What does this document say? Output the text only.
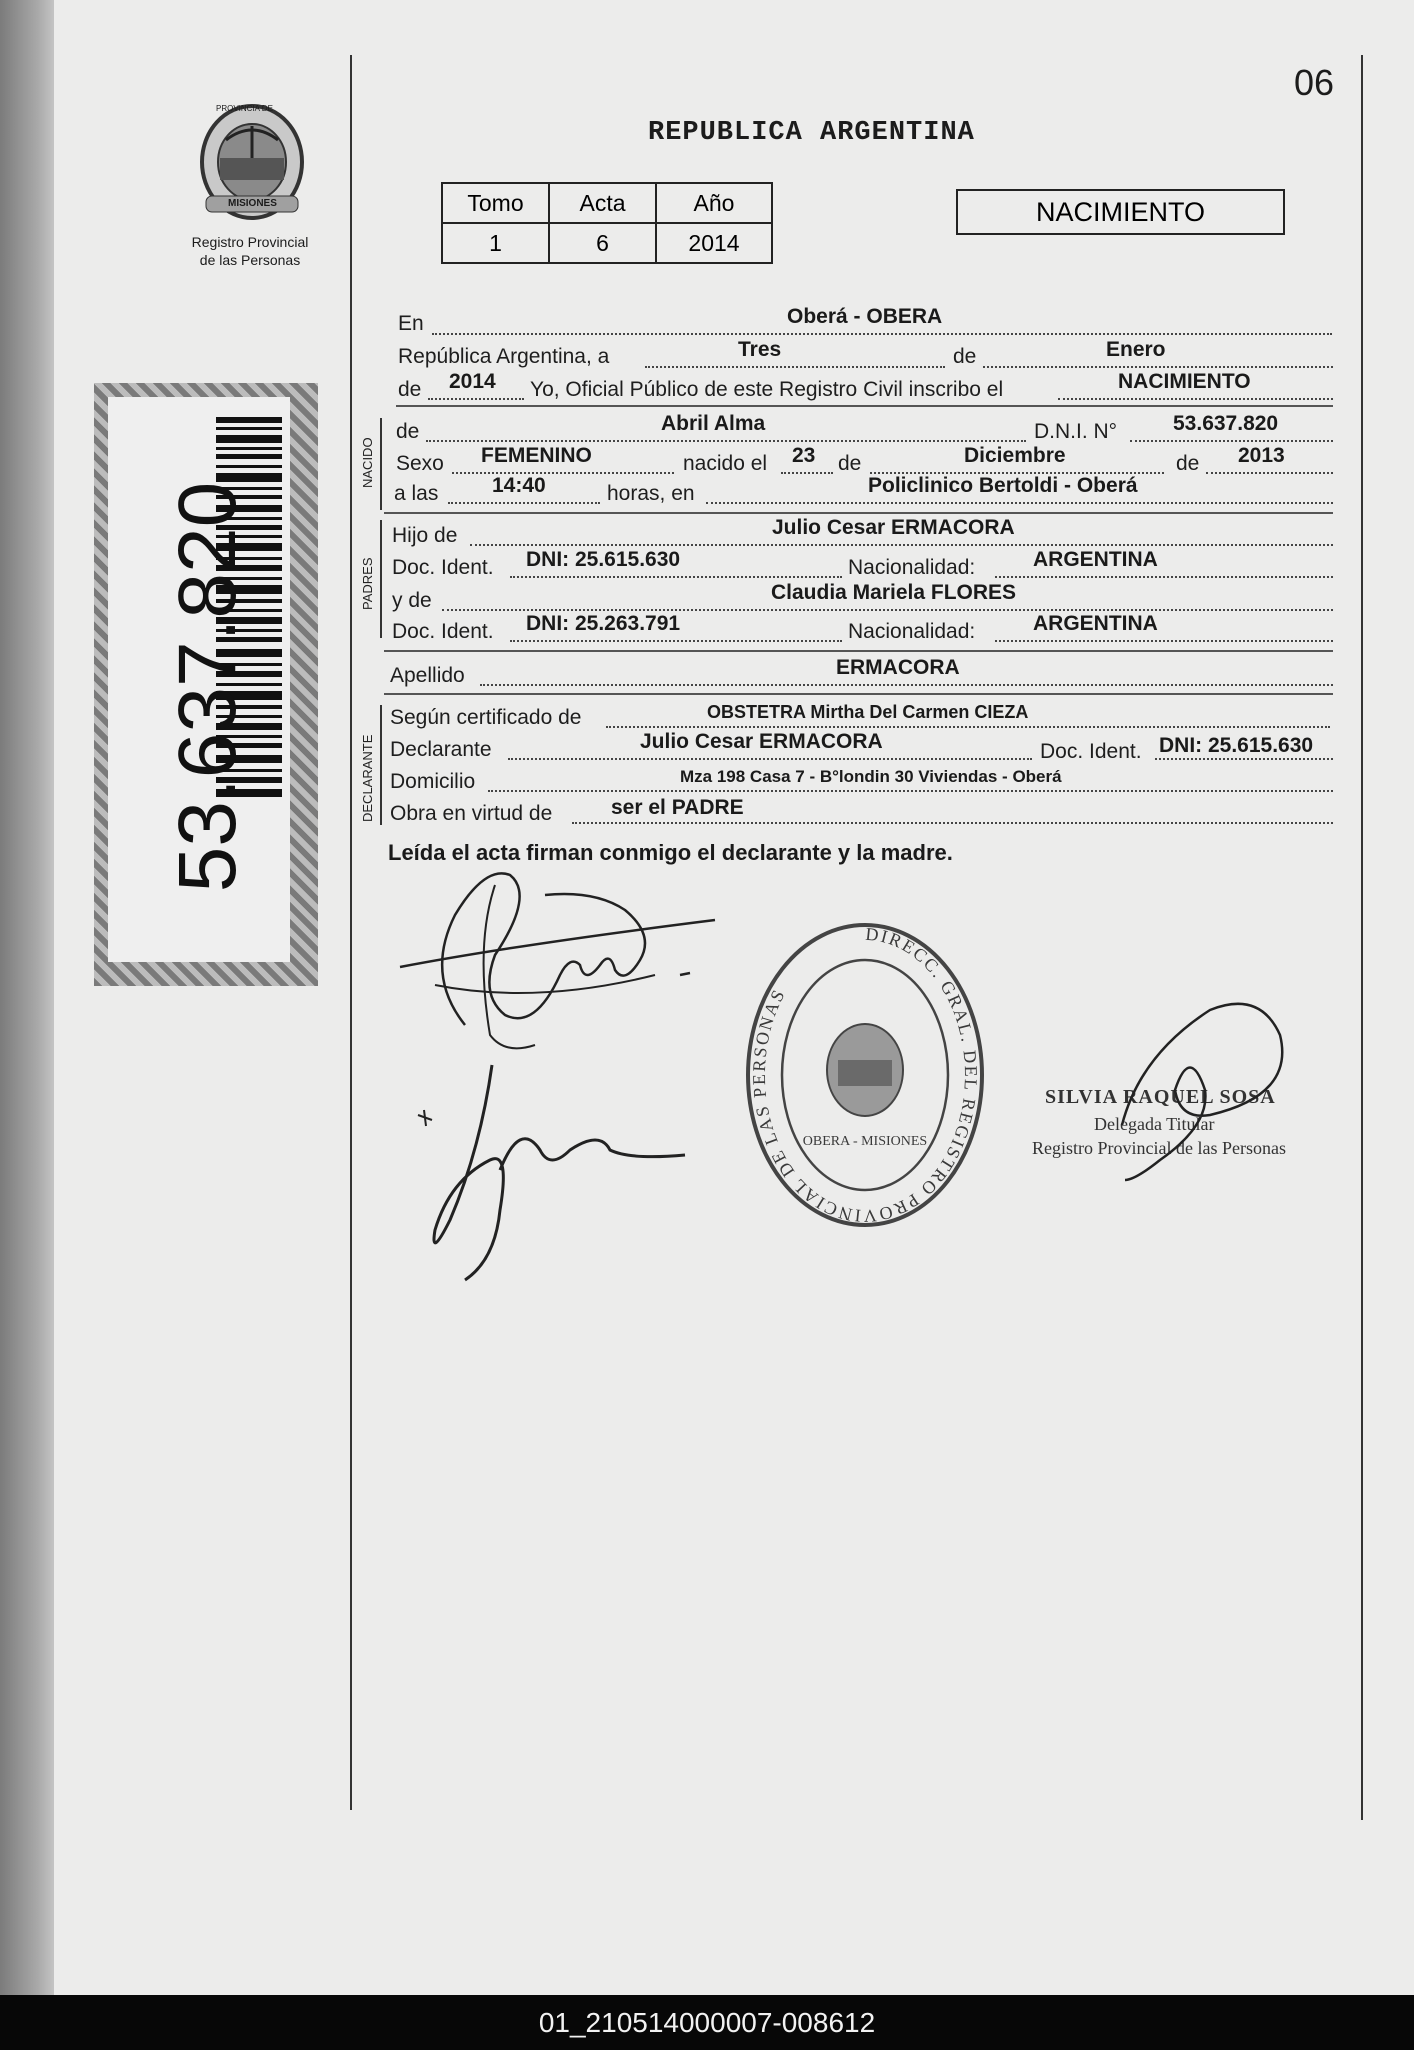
06
REPUBLICA ARGENTINA
PROVINCIA DE
MISIONES
Registro Provincial
de las Personas
Tomo	Acta	Año
1	6	2014
NACIMIENTO
53.637.820
NACIDO
PADRES
DECLARANTE
En	Oberá - OBERA
República Argentina, a	Tres	de	Enero
de 2014 Yo, Oficial Público de este Registro Civil inscribo el	NACIMIENTO
de	Abril Alma	D.N.I. N°	53.637.820
Sexo FEMENINO	nacido el 23 de	Diciembre	de 2013
a las	14:40	horas, en	Policlinico Bertoldi - Oberá
Hijo de	Julio Cesar ERMACORA
Doc. Ident. DNI: 25.615.630	Nacionalidad:	ARGENTINA
y de	Claudia Mariela FLORES
Doc. Ident. DNI: 25.263.791	Nacionalidad:	ARGENTINA
Apellido	ERMACORA
Según certificado de	OBSTETRA Mirtha Del Carmen CIEZA
Declarante	Julio Cesar ERMACORA	Doc. Ident. DNI: 25.615.630
Domicilio	Mza 198 Casa 7 - B°londin 30 Viviendas - Oberá
Obra en virtud de	ser el PADRE
Leída el acta firman conmigo el declarante y la madre.
DIRECC. GRAL. DEL REGISTRO PROVINCIAL DE LAS PERSONAS
OBERA - MISIONES
SILVIA RAQUEL SOSA
Delegada Titular
Registro Provincial de las Personas
01_210514000007-008612
